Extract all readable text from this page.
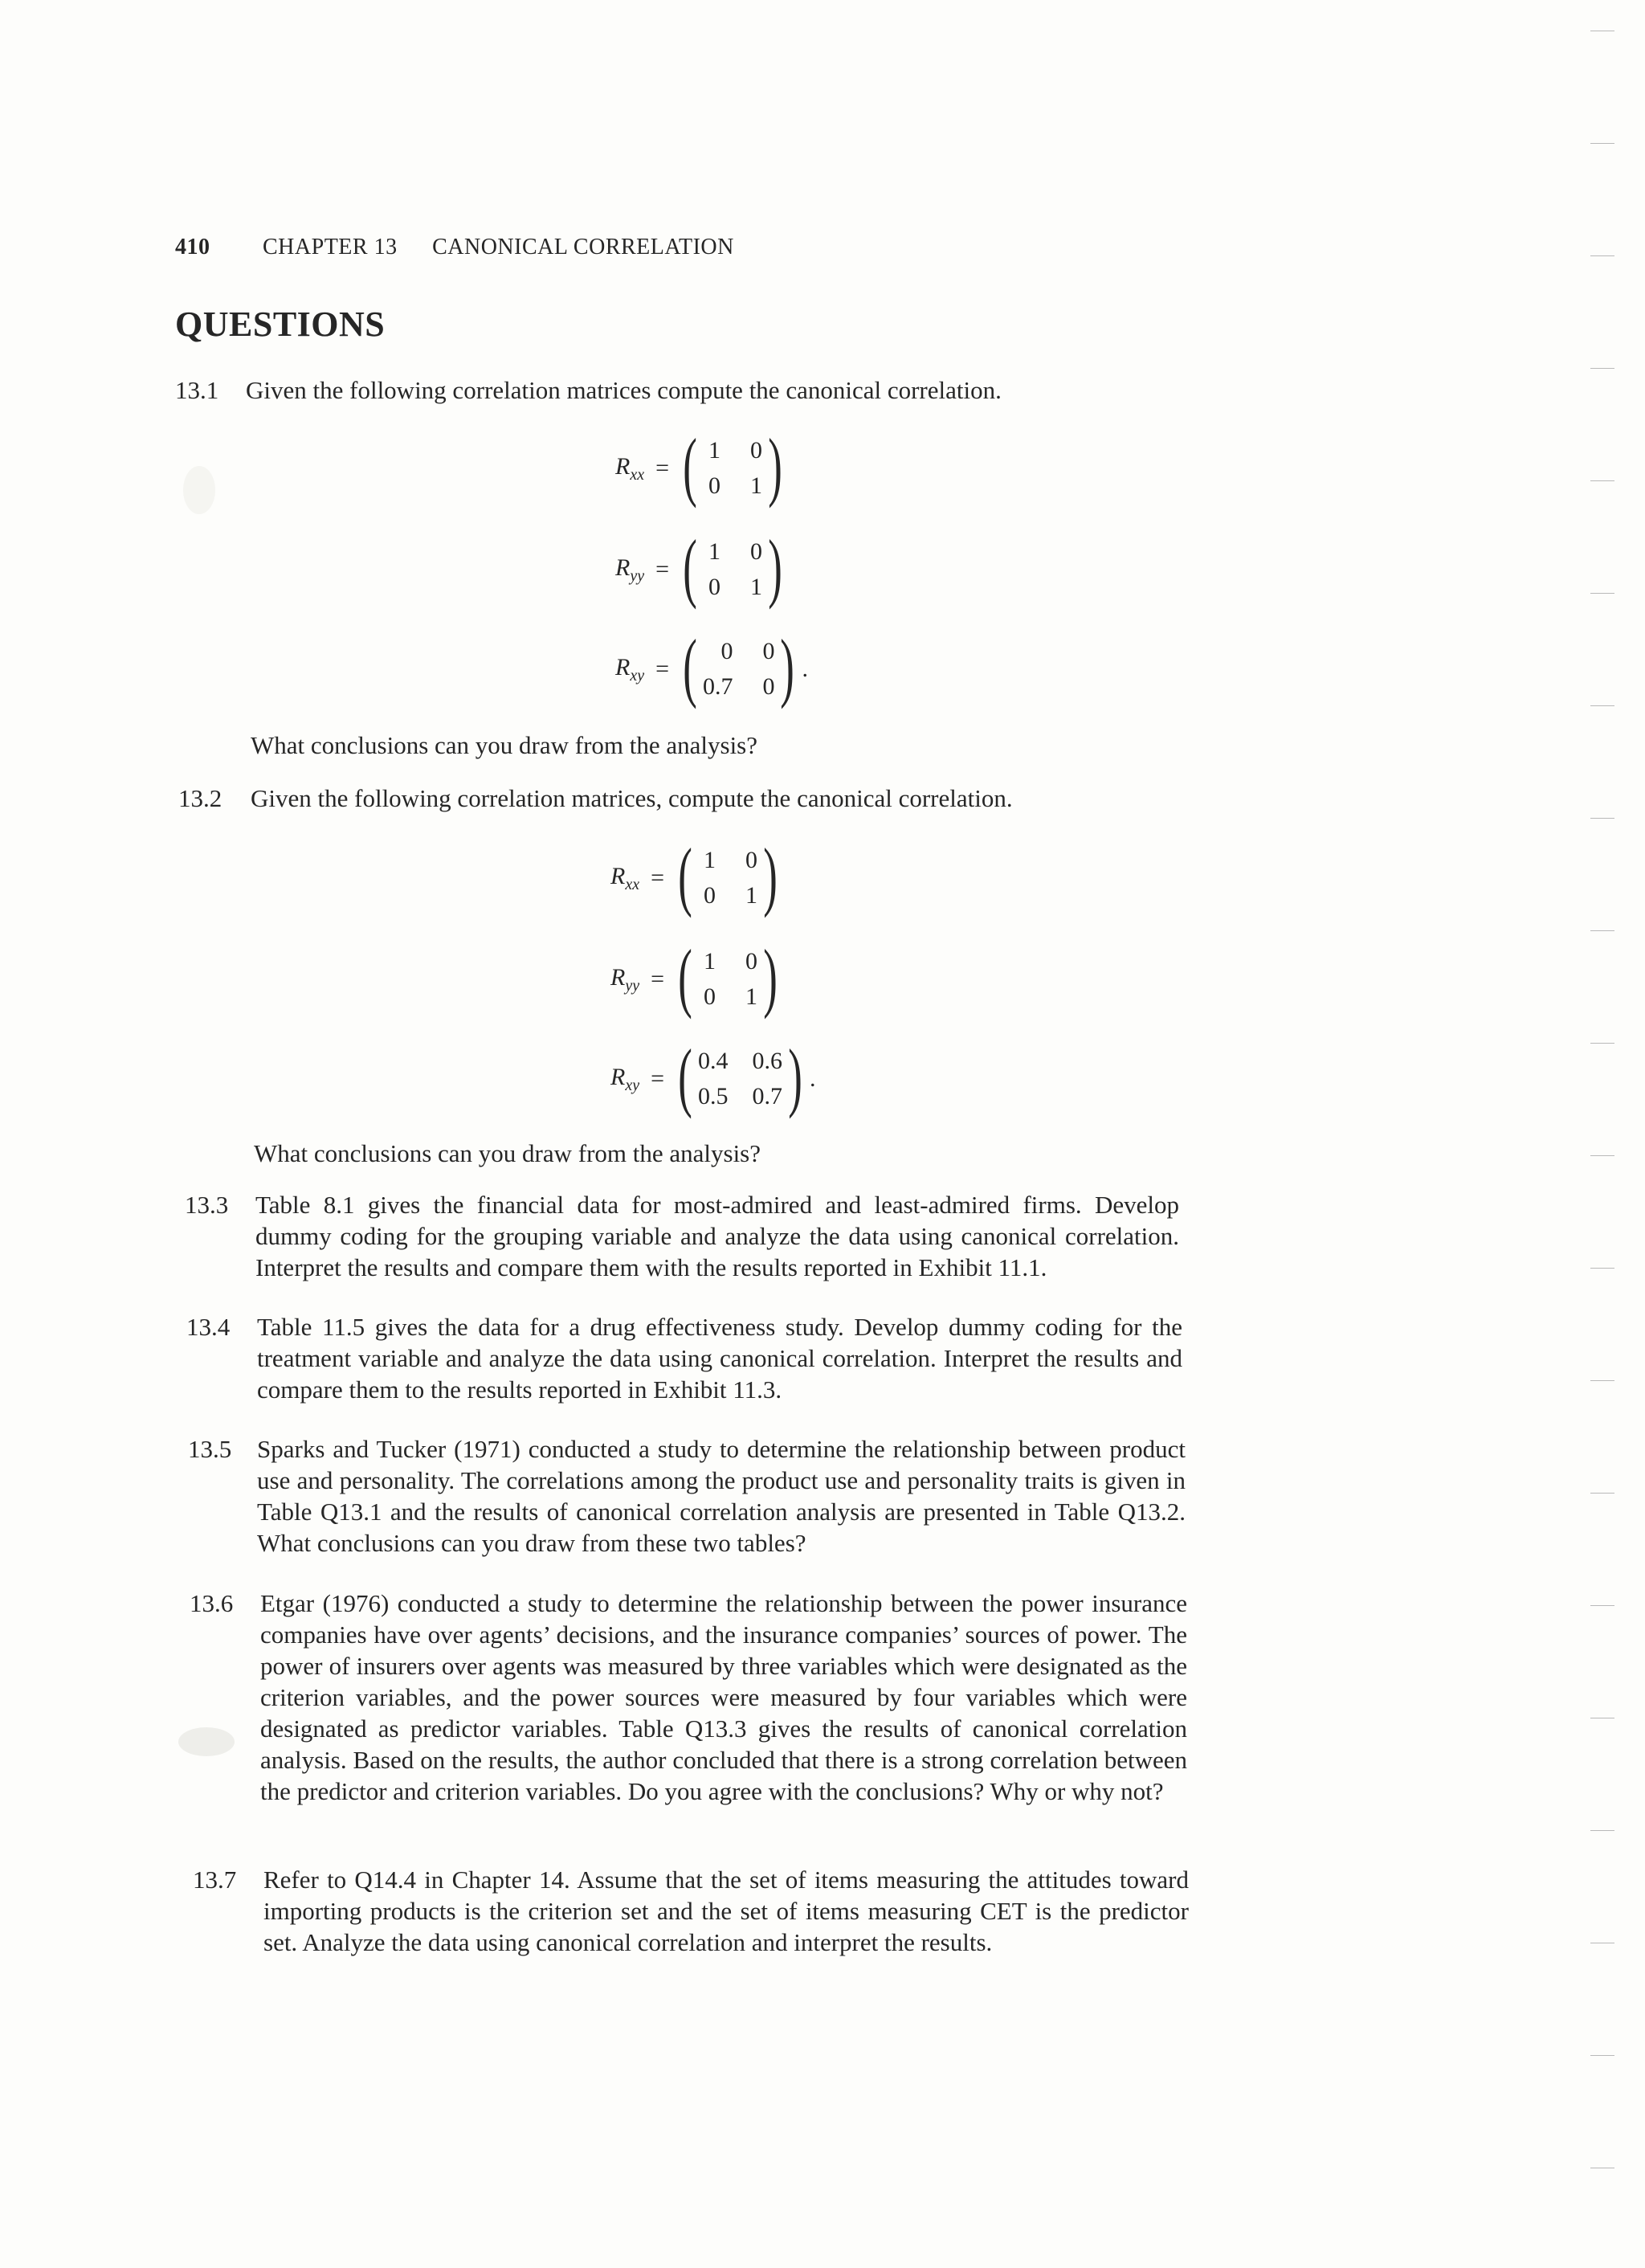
410 CHAPTER 13 CANONICAL CORRELATION
QUESTIONS
13.1 Given the following correlation matrices compute the canonical correlation.
$R_{xx}$ = ( 1 0
0 1 )
$R_{yy}$ = ( 1 0
0 1 )
$R_{xy}$ = ( 0 0
0.7 0 ) .
What conclusions can you draw from the analysis?
13.2 Given the following correlation matrices, compute the canonical correlation.
$R_{xx}$ = ( 1 0
0 1 )
$R_{yy}$ = ( 1 0
0 1 )
$R_{xy}$ = ( 0.4 0.6
0.5 0.7 ) .
What conclusions can you draw from the analysis?
13.3 Table 8.1 gives the financial data for most-admired and least-admired firms. Develop dummy coding for the grouping variable and analyze the data using canonical correlation. Interpret the results and compare them with the results reported in Exhibit 11.1.
13.4 Table 11.5 gives the data for a drug effectiveness study. Develop dummy coding for the treatment variable and analyze the data using canonical correlation. Interpret the results and compare them to the results reported in Exhibit 11.3.
13.5 Sparks and Tucker (1971) conducted a study to determine the relationship between product use and personality. The correlations among the product use and personality traits is given in Table Q13.1 and the results of canonical correlation analysis are presented in Table Q13.2. What conclusions can you draw from these two tables?
13.6 Etgar (1976) conducted a study to determine the relationship between the power insurance companies have over agents’ decisions, and the insurance companies’ sources of power. The power of insurers over agents was measured by three variables which were designated as the criterion variables, and the power sources were measured by four variables which were designated as predictor variables. Table Q13.3 gives the results of canonical correlation analysis. Based on the results, the author concluded that there is a strong correlation between the predictor and criterion variables. Do you agree with the conclusions? Why or why not?
13.7 Refer to Q14.4 in Chapter 14. Assume that the set of items measuring the attitudes toward importing products is the criterion set and the set of items measuring CET is the predictor set. Analyze the data using canonical correlation and interpret the results.
